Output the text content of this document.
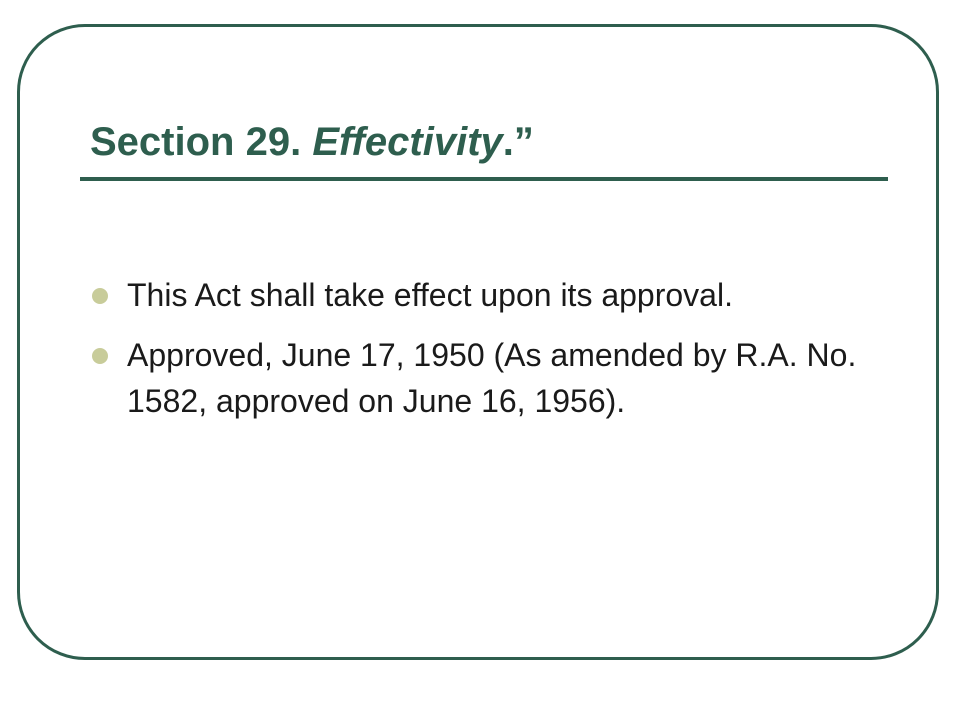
Section 29. Effectivity.”
This Act shall take effect upon its approval.
Approved, June 17, 1950 (As amended by R.A. No. 1582, approved on June 16, 1956).
